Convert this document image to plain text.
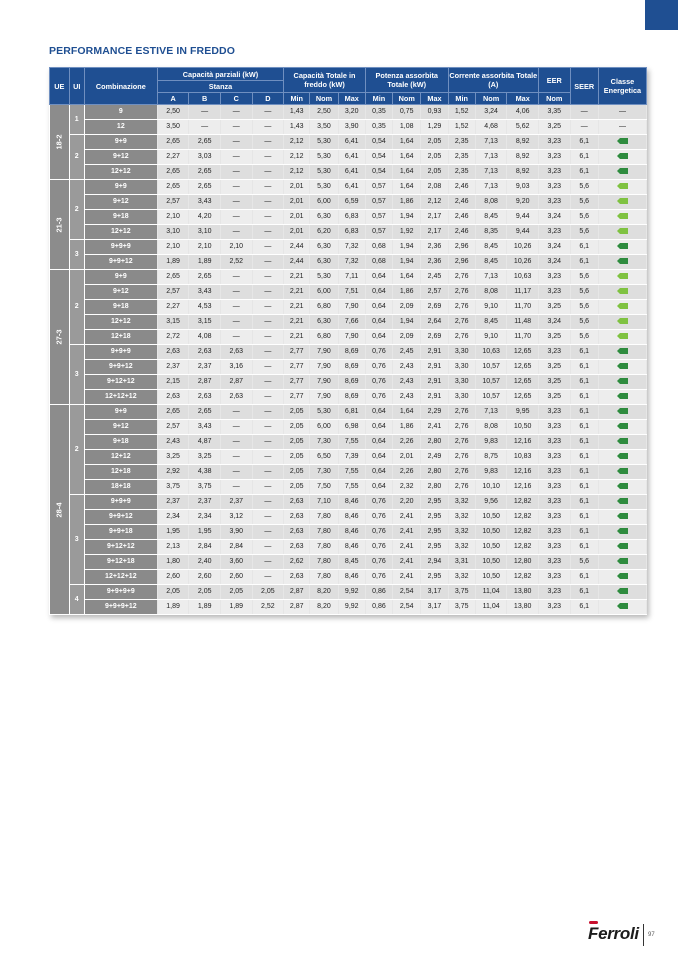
PERFORMANCE ESTIVE IN FREDDO
UE	UI	Combinazione	Capacità parziali (kW)				Capacità Totale in freddo (kW)			Potenza assorbita Totale (kW)			Corrente assorbita Totale (A)			EER	SEER	Classe Energetica
			Stanza															
			A	B	C	D	Min	Nom	Max	Min	Nom	Max	Min	Nom	Max	Nom		
18-2	1	9	2,50	—	—	—	1,43	2,50	3,20	0,35	0,75	0,93	1,52	3,24	4,06	3,35	—	—
		12	3,50	—	—	—	1,43	3,50	3,90	0,35	1,08	1,29	1,52	4,68	5,62	3,25	—	—
	2	9+9	2,65	2,65	—	—	2,12	5,30	6,41	0,54	1,64	2,05	2,35	7,13	8,92	3,23	6,1	

		9+12	2,27	3,03	—	—	2,12	5,30	6,41	0,54	1,64	2,05	2,35	7,13	8,92	3,23	6,1	

		12+12	2,65	2,65	—	—	2,12	5,30	6,41	0,54	1,64	2,05	2,35	7,13	8,92	3,23	6,1	

21-3	2	9+9	2,65	2,65	—	—	2,01	5,30	6,41	0,57	1,64	2,08	2,46	7,13	9,03	3,23	5,6	

		9+12	2,57	3,43	—	—	2,01	6,00	6,59	0,57	1,86	2,12	2,46	8,08	9,20	3,23	5,6	

		9+18	2,10	4,20	—	—	2,01	6,30	6,83	0,57	1,94	2,17	2,46	8,45	9,44	3,24	5,6	

		12+12	3,10	3,10	—	—	2,01	6,20	6,83	0,57	1,92	2,17	2,46	8,35	9,44	3,23	5,6	

	3	9+9+9	2,10	2,10	2,10	—	2,44	6,30	7,32	0,68	1,94	2,36	2,96	8,45	10,26	3,24	6,1	

		9+9+12	1,89	1,89	2,52	—	2,44	6,30	7,32	0,68	1,94	2,36	2,96	8,45	10,26	3,24	6,1	

27-3	2	9+9	2,65	2,65	—	—	2,21	5,30	7,11	0,64	1,64	2,45	2,76	7,13	10,63	3,23	5,6	

		9+12	2,57	3,43	—	—	2,21	6,00	7,51	0,64	1,86	2,57	2,76	8,08	11,17	3,23	5,6	

		9+18	2,27	4,53	—	—	2,21	6,80	7,90	0,64	2,09	2,69	2,76	9,10	11,70	3,25	5,6	

		12+12	3,15	3,15	—	—	2,21	6,30	7,66	0,64	1,94	2,64	2,76	8,45	11,48	3,24	5,6	

		12+18	2,72	4,08	—	—	2,21	6,80	7,90	0,64	2,09	2,69	2,76	9,10	11,70	3,25	5,6	

	3	9+9+9	2,63	2,63	2,63	—	2,77	7,90	8,69	0,76	2,45	2,91	3,30	10,63	12,65	3,23	6,1	

		9+9+12	2,37	2,37	3,16	—	2,77	7,90	8,69	0,76	2,43	2,91	3,30	10,57	12,65	3,25	6,1	

		9+12+12	2,15	2,87	2,87	—	2,77	7,90	8,69	0,76	2,43	2,91	3,30	10,57	12,65	3,25	6,1	

		12+12+12	2,63	2,63	2,63	—	2,77	7,90	8,69	0,76	2,43	2,91	3,30	10,57	12,65	3,25	6,1	

28-4	2	9+9	2,65	2,65	—	—	2,05	5,30	6,81	0,64	1,64	2,29	2,76	7,13	9,95	3,23	6,1	

		9+12	2,57	3,43	—	—	2,05	6,00	6,98	0,64	1,86	2,41	2,76	8,08	10,50	3,23	6,1	

		9+18	2,43	4,87	—	—	2,05	7,30	7,55	0,64	2,26	2,80	2,76	9,83	12,16	3,23	6,1	

		12+12	3,25	3,25	—	—	2,05	6,50	7,39	0,64	2,01	2,49	2,76	8,75	10,83	3,23	6,1	

		12+18	2,92	4,38	—	—	2,05	7,30	7,55	0,64	2,26	2,80	2,76	9,83	12,16	3,23	6,1	

		18+18	3,75	3,75	—	—	2,05	7,50	7,55	0,64	2,32	2,80	2,76	10,10	12,16	3,23	6,1	

	3	9+9+9	2,37	2,37	2,37	—	2,63	7,10	8,46	0,76	2,20	2,95	3,32	9,56	12,82	3,23	6,1	

		9+9+12	2,34	2,34	3,12	—	2,63	7,80	8,46	0,76	2,41	2,95	3,32	10,50	12,82	3,23	6,1	

		9+9+18	1,95	1,95	3,90	—	2,63	7,80	8,46	0,76	2,41	2,95	3,32	10,50	12,82	3,23	6,1	

		9+12+12	2,13	2,84	2,84	—	2,63	7,80	8,46	0,76	2,41	2,95	3,32	10,50	12,82	3,23	6,1	

		9+12+18	1,80	2,40	3,60	—	2,62	7,80	8,45	0,76	2,41	2,94	3,31	10,50	12,80	3,23	5,6	

		12+12+12	2,60	2,60	2,60	—	2,63	7,80	8,46	0,76	2,41	2,95	3,32	10,50	12,82	3,23	6,1	

	4	9+9+9+9	2,05	2,05	2,05	2,05	2,87	8,20	9,92	0,86	2,54	3,17	3,75	11,04	13,80	3,23	6,1	

		9+9+9+12	1,89	1,89	1,89	2,52	2,87	8,20	9,92	0,86	2,54	3,17	3,75	11,04	13,80	3,23	6,1	
Ferroli 97
